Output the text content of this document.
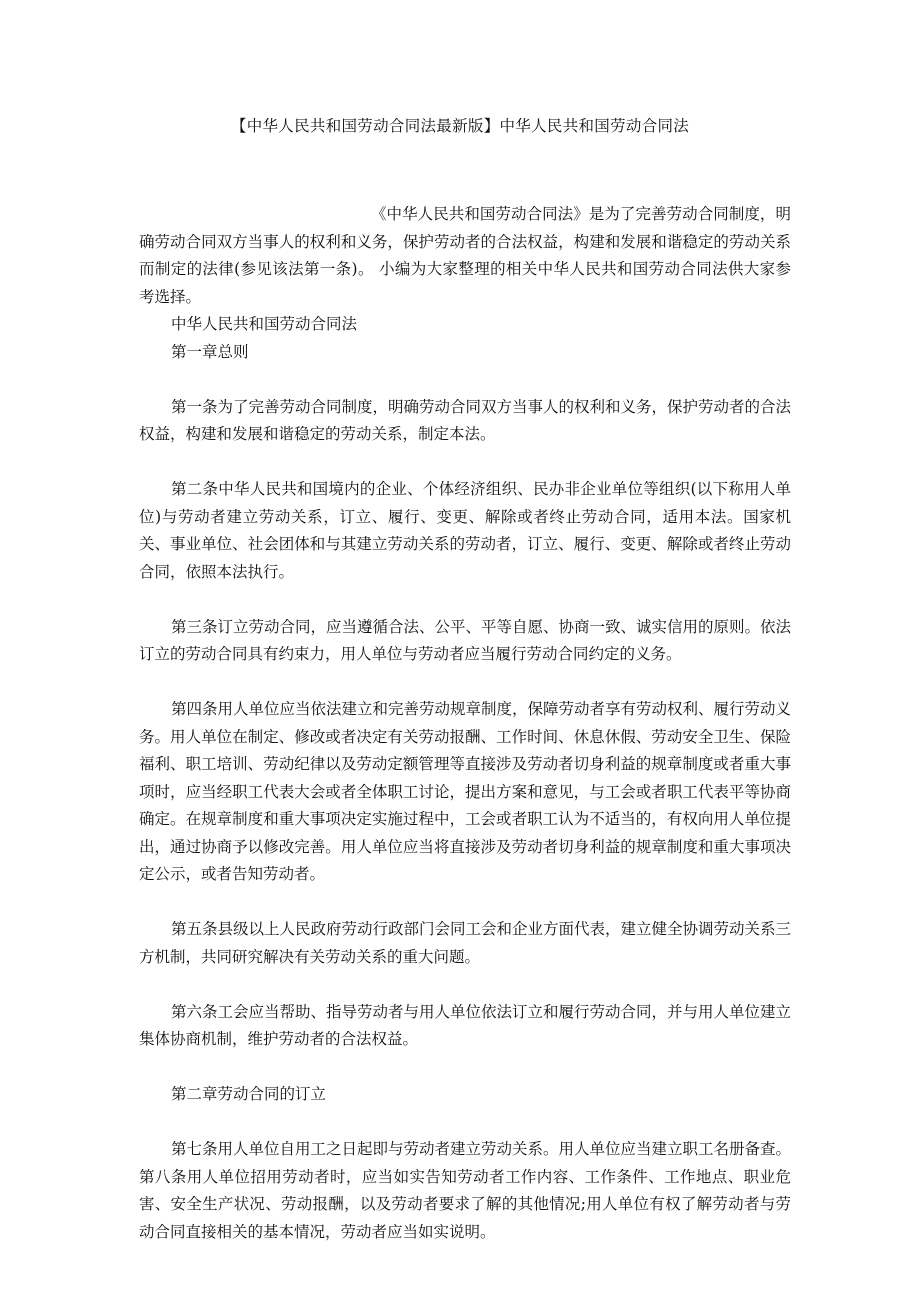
【中华人民共和国劳动合同法最新版】中华人民共和国劳动合同法

《中华人民共和国劳动合同法》是为了完善劳动合同制度，明确劳动合同双方当事人的权利和义务，保护劳动者的合法权益，构建和发展和谐稳定的劳动关系而制定的法律(参见该法第一条)。 小编为大家整理的相关中华人民共和国劳动合同法供大家参考选择。

中华人民共和国劳动合同法

第一章总则

第一条为了完善劳动合同制度，明确劳动合同双方当事人的权利和义务，保护劳动者的合法权益，构建和发展和谐稳定的劳动关系，制定本法。

第二条中华人民共和国境内的企业、个体经济组织、民办非企业单位等组织(以下称用人单位)与劳动者建立劳动关系，订立、履行、变更、解除或者终止劳动合同，适用本法。国家机关、事业单位、社会团体和与其建立劳动关系的劳动者，订立、履行、变更、解除或者终止劳动合同，依照本法执行。

第三条订立劳动合同，应当遵循合法、公平、平等自愿、协商一致、诚实信用的原则。依法订立的劳动合同具有约束力，用人单位与劳动者应当履行劳动合同约定的义务。

第四条用人单位应当依法建立和完善劳动规章制度，保障劳动者享有劳动权利、履行劳动义务。用人单位在制定、修改或者决定有关劳动报酬、工作时间、休息休假、劳动安全卫生、保险福利、职工培训、劳动纪律以及劳动定额管理等直接涉及劳动者切身利益的规章制度或者重大事项时，应当经职工代表大会或者全体职工讨论，提出方案和意见，与工会或者职工代表平等协商确定。在规章制度和重大事项决定实施过程中，工会或者职工认为不适当的，有权向用人单位提出，通过协商予以修改完善。用人单位应当将直接涉及劳动者切身利益的规章制度和重大事项决定公示，或者告知劳动者。

第五条县级以上人民政府劳动行政部门会同工会和企业方面代表，建立健全协调劳动关系三方机制，共同研究解决有关劳动关系的重大问题。

第六条工会应当帮助、指导劳动者与用人单位依法订立和履行劳动合同，并与用人单位建立集体协商机制，维护劳动者的合法权益。

第二章劳动合同的订立

第七条用人单位自用工之日起即与劳动者建立劳动关系。用人单位应当建立职工名册备查。 第八条用人单位招用劳动者时，应当如实告知劳动者工作内容、工作条件、工作地点、职业危害、安全生产状况、劳动报酬，以及劳动者要求了解的其他情况;用人单位有权了解劳动者与劳动合同直接相关的基本情况，劳动者应当如实说明。
